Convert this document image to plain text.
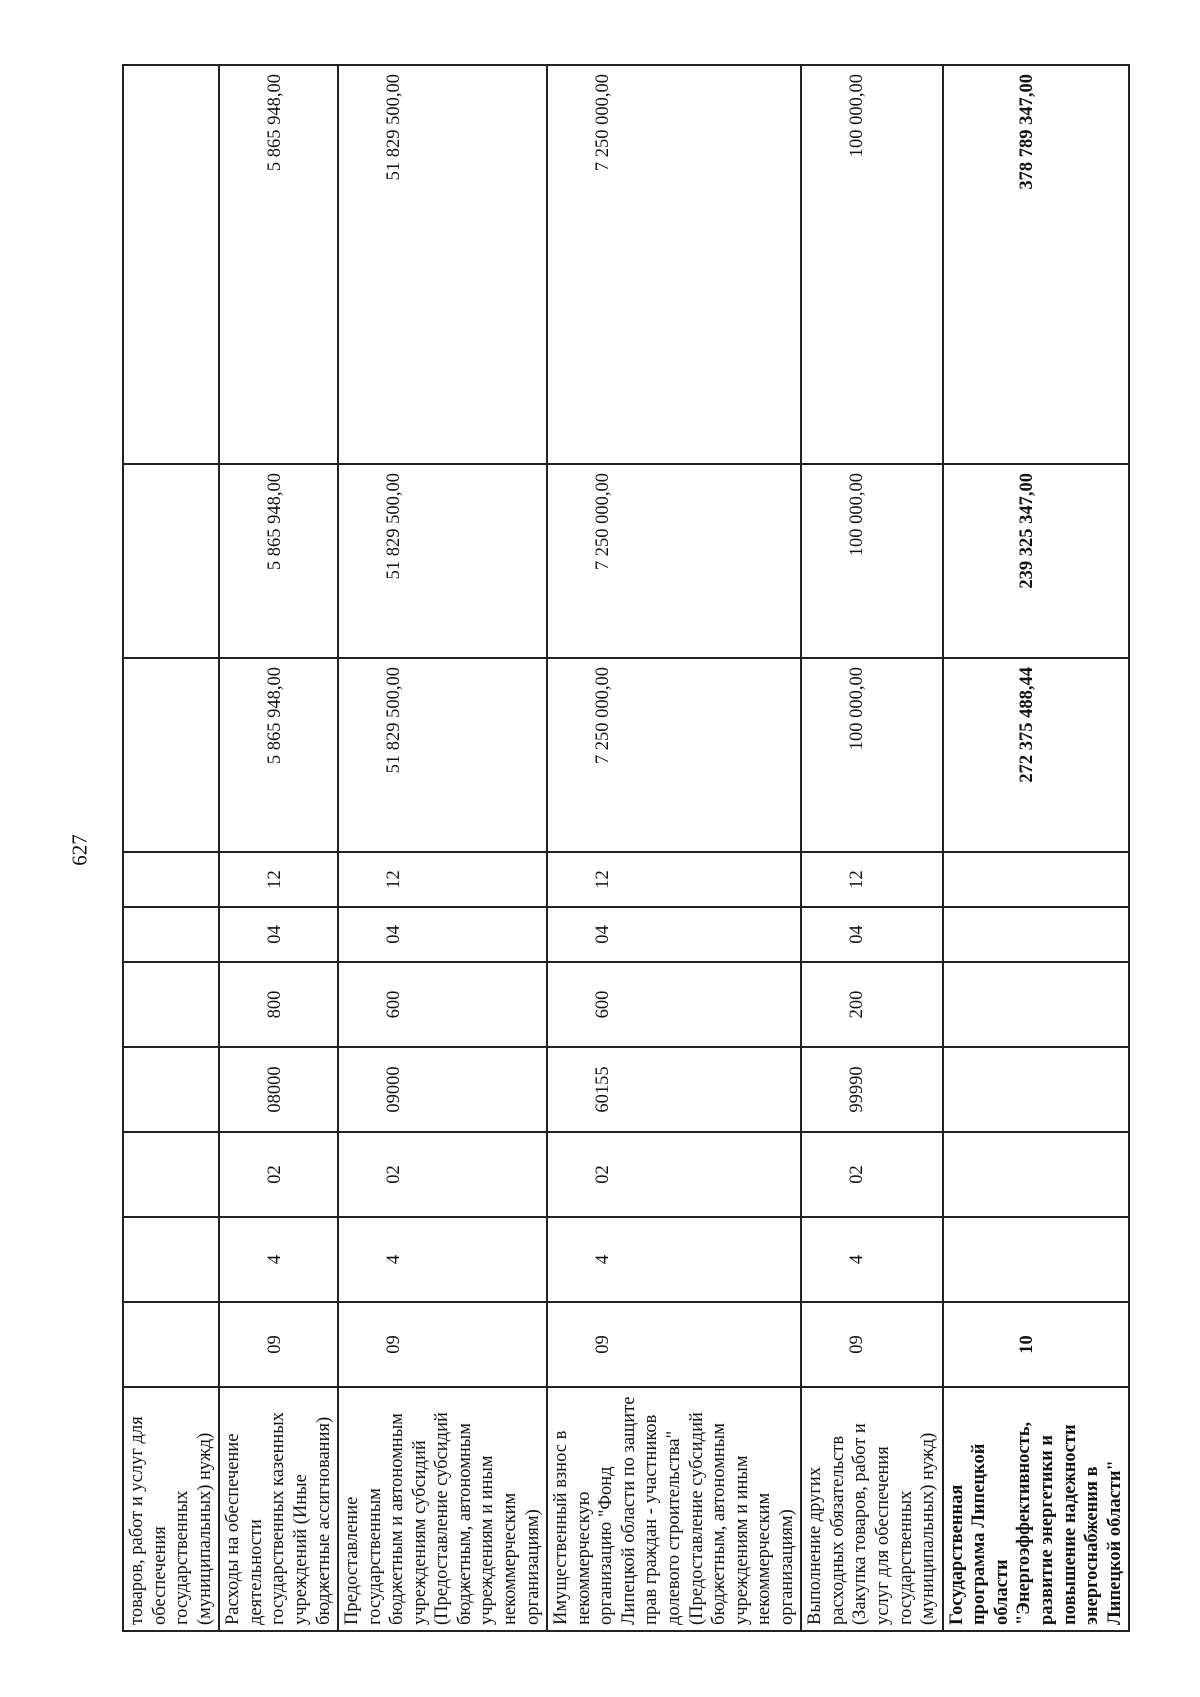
627
товаров, работ и услуг для обеспечения государственных (муниципальных) нужд)										
Расходы на обеспечение деятельности государственных казенных учреждений (Иные бюджетные ассигнования)	09	4	02	08000	800	04	12	5 865 948,00	5 865 948,00	5 865 948,00
Предоставление государственным бюджетным и автономным учреждениям субсидий (Предоставление субсидий бюджетным, автономным учреждениям и иным некоммерческим организациям)	09	4	02	09000	600	04	12	51 829 500,00	51 829 500,00	51 829 500,00
Имущественный взнос в некоммерческую организацию "Фонд Липецкой области по защите прав граждан - участников долевого строительства" (Предоставление субсидий бюджетным, автономным учреждениям и иным некоммерческим организациям)	09	4	02	60155	600	04	12	7 250 000,00	7 250 000,00	7 250 000,00
Выполнение других расходных обязательств (Закупка товаров, работ и услуг для обеспечения государственных (муниципальных) нужд)	09	4	02	99990	200	04	12	100 000,00	100 000,00	100 000,00
Государственная программа Липецкой области "Энергоэффективность, развитие энергетики и повышение надежности энергоснабжения в Липецкой области"	10							272 375 488,44	239 325 347,00	378 789 347,00
